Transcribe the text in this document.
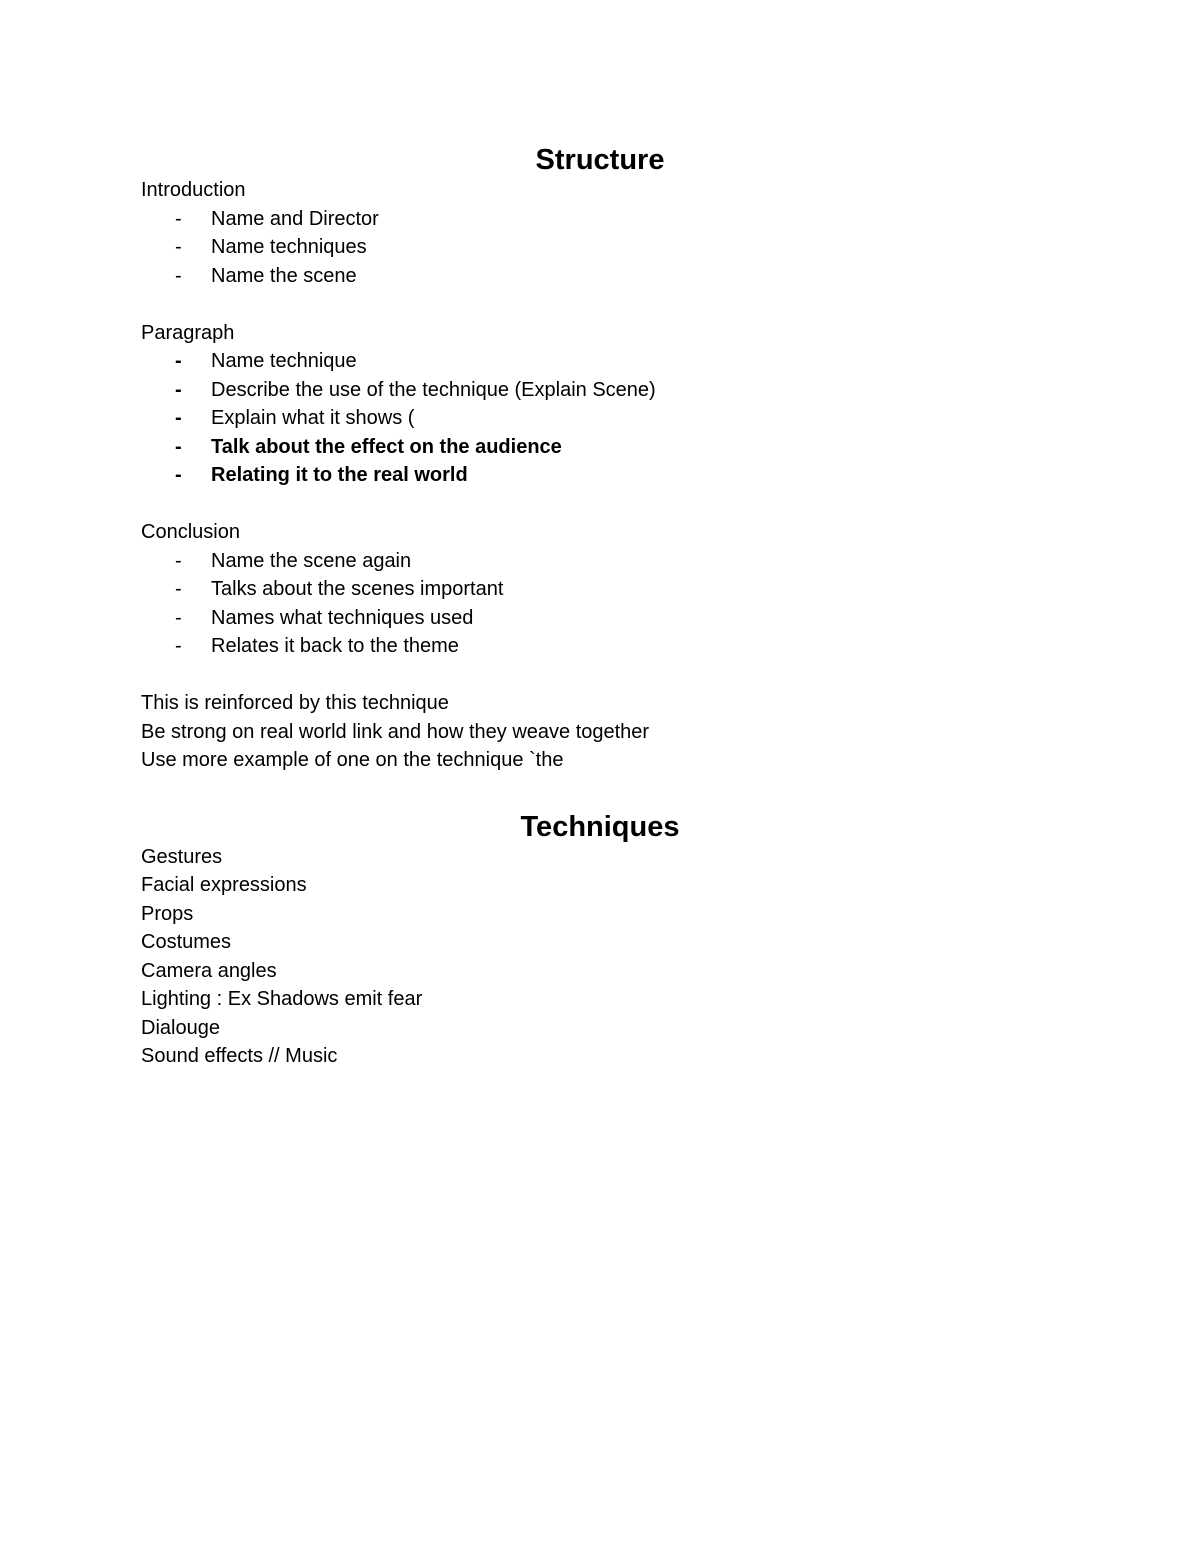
Structure

Introduction

- Name and Director
- Name techniques
- Name the scene

Paragraph

- Name technique
- Describe the use of the technique (Explain Scene)
- Explain what it shows (
- Talk about the effect on the audience
- Relating it to the real world

Conclusion

- Name the scene again
- Talks about the scenes important
- Names what techniques used
- Relates it back to the theme

This is reinforced by this technique

Be strong on real world link and how they weave together

Use more example of one on the technique `the

Techniques

Gestures

Facial expressions

Props

Costumes

Camera angles

Lighting : Ex Shadows emit fear

Dialouge

Sound effects // Music
